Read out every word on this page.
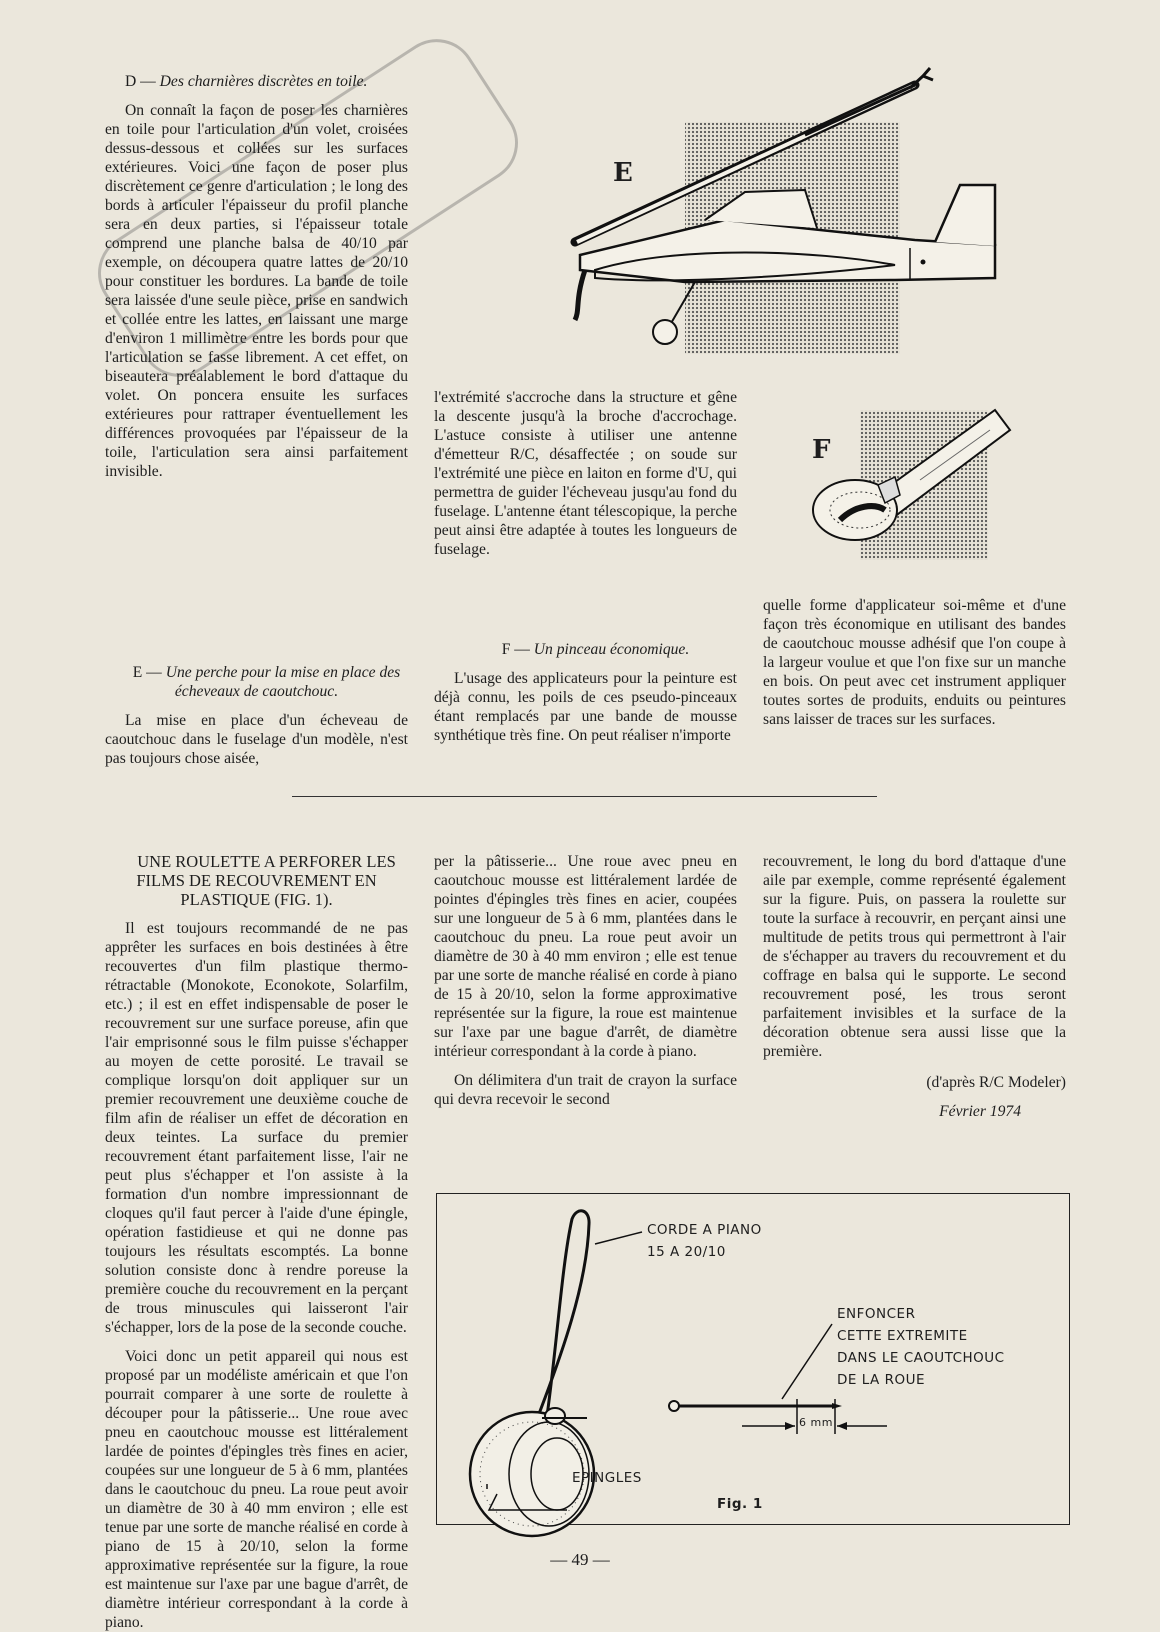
D — Des charnières discrètes en toile.

On connaît la façon de poser les charnières en toile pour l'articulation d'un volet, croisées dessus-dessous et collées sur les surfaces extérieures. Voici une façon de poser plus discrètement ce genre d'articulation ; le long des bords à articuler l'épaisseur du profil planche sera en deux parties, si l'épaisseur totale comprend une planche balsa de 40/10 par exemple, on découpera quatre lattes de 20/10 pour constituer les bordures. La bande de toile sera laissée d'une seule pièce, prise en sandwich et collée entre les lattes, en laissant une marge d'environ 1 millimètre entre les bords pour que l'articulation se fasse librement. A cet effet, on biseautera préalablement le bord d'attaque du volet. On poncera ensuite les surfaces extérieures pour rattraper éventuellement les différences provoquées par l'épaisseur de la toile, l'articulation sera ainsi parfaitement invisible.

E — Une perche pour la mise en place des écheveaux de caoutchouc.

La mise en place d'un écheveau de caoutchouc dans le fuselage d'un modèle, n'est pas toujours chose aisée,

l'extrémité s'accroche dans la structure et gêne la descente jusqu'à la broche d'accrochage. L'astuce consiste à utiliser une antenne d'émetteur R/C, désaffectée ; on soude sur l'extrémité une pièce en laiton en forme d'U, qui permettra de guider l'écheveau jusqu'au fond du fuselage. L'antenne étant télescopique, la perche peut ainsi être adaptée à toutes les longueurs de fuselage.

F — Un pinceau économique.

L'usage des applicateurs pour la peinture est déjà connu, les poils de ces pseudo-pinceaux étant remplacés par une bande de mousse synthétique très fine. On peut réaliser n'importe

quelle forme d'applicateur soi-même et d'une façon très économique en utilisant des bandes de caoutchouc mousse adhésif que l'on coupe à la largeur voulue et que l'on fixe sur un manche en bois. On peut avec cet instrument appliquer toutes sortes de produits, enduits ou peintures sans laisser de traces sur les surfaces.

E
F

UNE ROULETTE A PERFORER LES FILMS DE RECOUVREMENT EN PLASTIQUE (FIG. 1).

Il est toujours recommandé de ne pas apprêter les surfaces en bois destinées à être recouvertes d'un film plastique thermo-rétractable (Monokote, Econokote, Solarfilm, etc.) ; il est en effet indispensable de poser le recouvrement sur une surface poreuse, afin que l'air emprisonné sous le film puisse s'échapper au moyen de cette porosité. Le travail se complique lorsqu'on doit appliquer sur un premier recouvrement une deuxième couche de film afin de réaliser un effet de décoration en deux teintes. La surface du premier recouvrement étant parfaitement lisse, l'air ne peut plus s'échapper et l'on assiste à la formation d'un nombre impressionnant de cloques qu'il faut percer à l'aide d'une épingle, opération fastidieuse et qui ne donne pas toujours les résultats escomptés. La bonne solution consiste donc à rendre poreuse la première couche du recouvrement en la perçant de trous minuscules qui laisseront l'air s'échapper, lors de la pose de la seconde couche.

Voici donc un petit appareil qui nous est proposé par un modéliste américain et que l'on pourrait comparer à une sorte de roulette à découper pour la pâtisserie... Une roue avec pneu en caoutchouc mousse est littéralement lardée de pointes d'épingles très fines en acier, coupées sur une longueur de 5 à 6 mm, plantées dans le caoutchouc du pneu. La roue peut avoir un diamètre de 30 à 40 mm environ ; elle est tenue par une sorte de manche réalisé en corde à piano de 15 à 20/10, selon la forme approximative représentée sur la figure, la roue est maintenue sur l'axe par une bague d'arrêt, de diamètre intérieur correspondant à la corde à piano.

per la pâtisserie... Une roue avec pneu en caoutchouc mousse est littéralement lardée de pointes d'épingles très fines en acier, coupées sur une longueur de 5 à 6 mm, plantées dans le caoutchouc du pneu. La roue peut avoir un diamètre de 30 à 40 mm environ ; elle est tenue par une sorte de manche réalisé en corde à piano de 15 à 20/10, selon la forme approximative représentée sur la figure, la roue est maintenue sur l'axe par une bague d'arrêt, de diamètre intérieur correspondant à la corde à piano.

On délimitera d'un trait de crayon la surface qui devra recevoir le second

recouvrement, le long du bord d'attaque d'une aile par exemple, comme représenté également sur la figure. Puis, on passera la roulette sur toute la surface à recouvrir, en perçant ainsi une multitude de petits trous qui permettront à l'air de s'échapper au travers du recouvrement et du coffrage en balsa qui le supporte. Le second recouvrement posé, les trous seront parfaitement invisibles et la surface de la décoration obtenue sera aussi lisse que la première.

(d'après R/C Modeler)

Février 1974

CORDE A PIANO
15 A 20/10
ENFONCER
CETTE EXTREMITE
DANS LE CAOUTCHOUC
DE LA ROUE
6 mm
EPINGLES
Fig. 1
— 49 —
